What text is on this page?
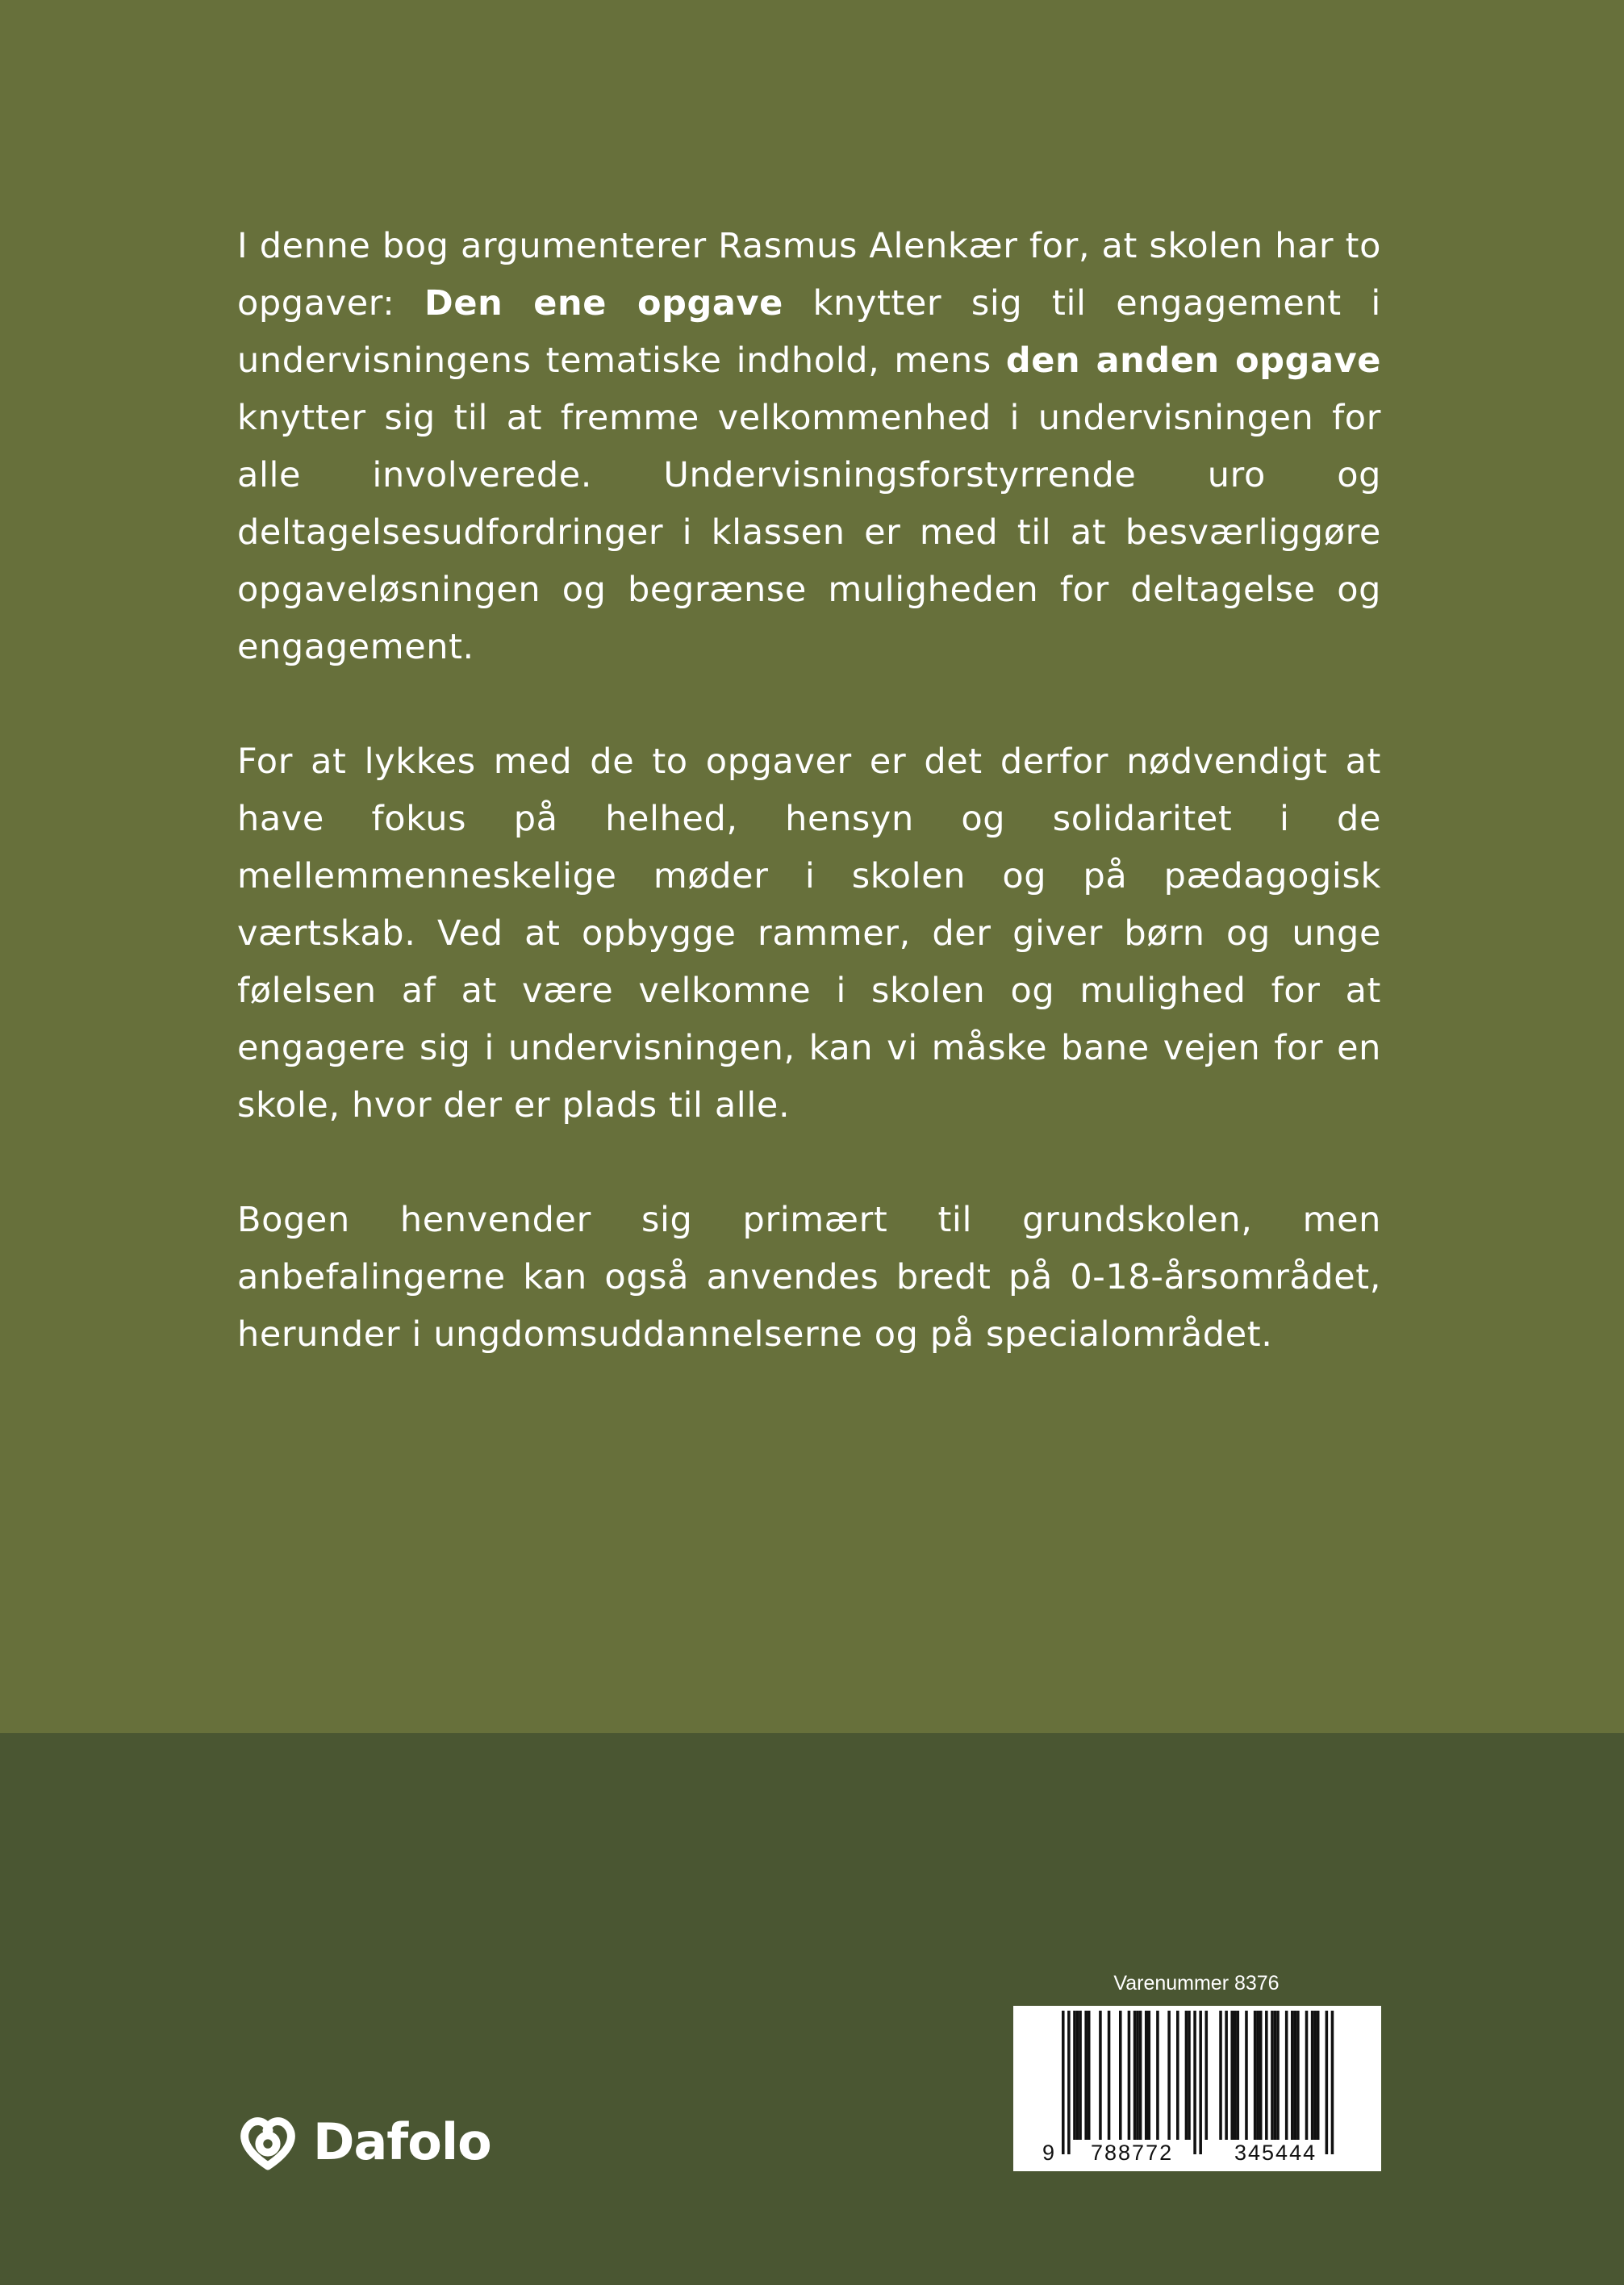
I denne bog argumenterer Rasmus Alenkær for, at skolen har to opgaver: Den ene opgave knytter sig til engagement i undervisningens tematiske indhold, mens den anden opgave knytter sig til at fremme velkommenhed i undervisningen for alle involverede. Undervisningsforstyrrende uro og deltagelsesudfordringer i klassen er med til at besværliggøre opgaveløsningen og begrænse muligheden for deltagelse og engagement.

For at lykkes med de to opgaver er det derfor nødvendigt at have fokus på helhed, hensyn og solidaritet i de mellemmenneskelige møder i skolen og på pædagogisk værtskab. Ved at opbygge rammer, der giver børn og unge følelsen af at være velkomne i skolen og mulighed for at engagere sig i undervisningen, kan vi måske bane vejen for en skole, hvor der er plads til alle.

Bogen henvender sig primært til grundskolen, men anbefalingerne kan også anvendes bredt på 0-18-årsområdet, herunder i ungdomsuddannelserne og på specialområdet.

Dafolo
Varenummer 8376
9 788772	345444
